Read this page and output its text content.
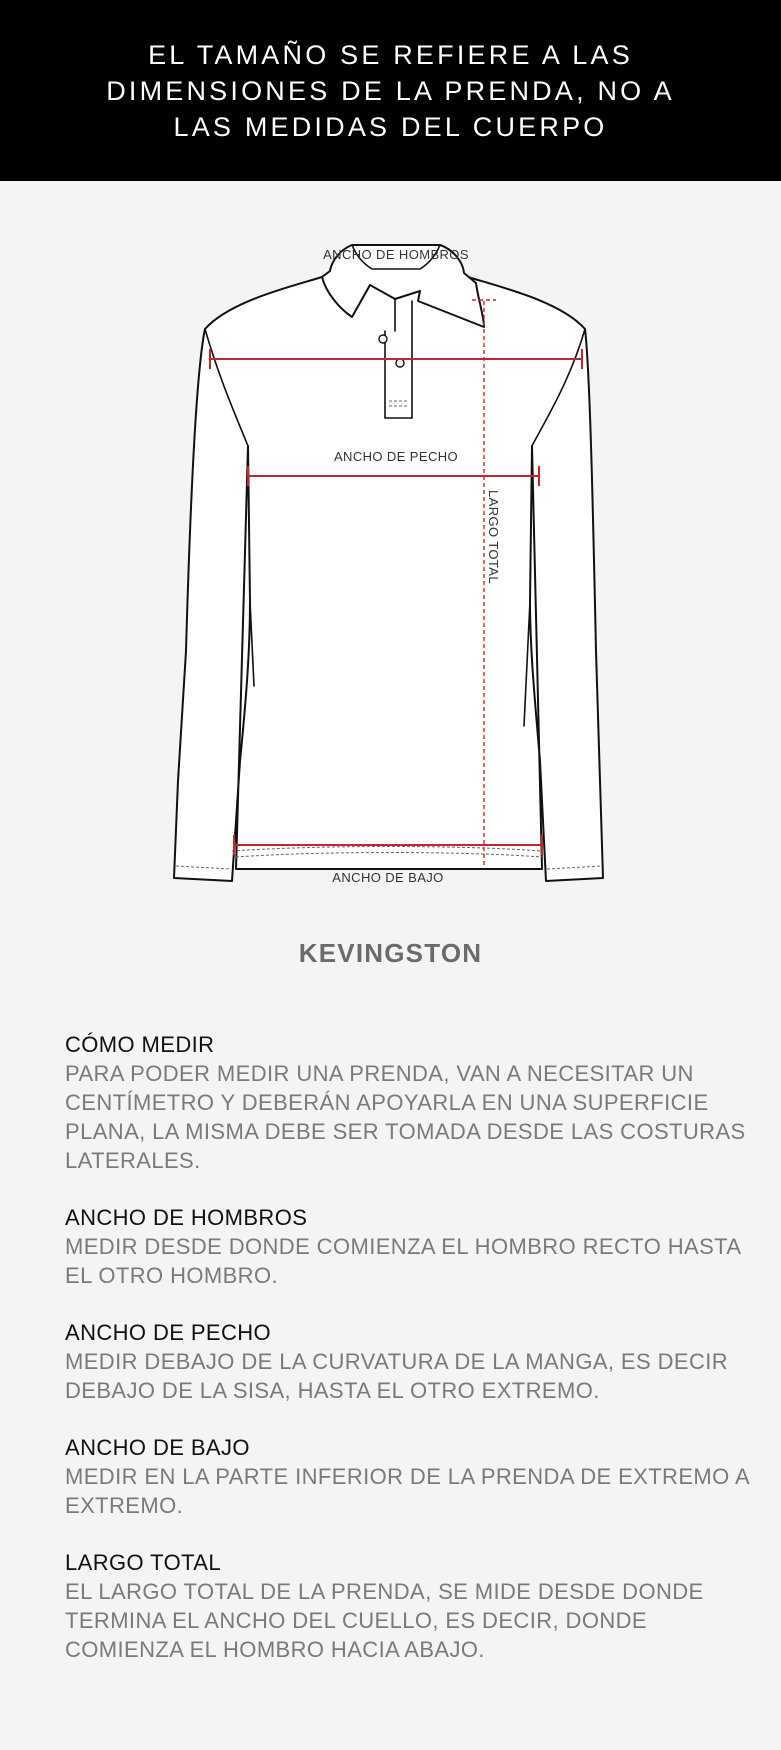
EL TAMAÑO SE REFIERE A LAS DIMENSIONES DE LA PRENDA, NO A LAS MEDIDAS DEL CUERPO
ANCHO DE HOMBROS
ANCHO DE PECHO
LARGO TOTAL
ANCHO DE BAJO
KEVINGSTON
CÓMO MEDIR

PARA PODER MEDIR UNA PRENDA, VAN A NECESITAR UN CENTÍMETRO Y DEBERÁN APOYARLA EN UNA SUPERFICIE PLANA, LA MISMA DEBE SER TOMADA DESDE LAS COSTURAS LATERALES.

ANCHO DE HOMBROS

MEDIR DESDE DONDE COMIENZA EL HOMBRO RECTO HASTA EL OTRO HOMBRO.

ANCHO DE PECHO

MEDIR DEBAJO DE LA CURVATURA DE LA MANGA, ES DECIR DEBAJO DE LA SISA, HASTA EL OTRO EXTREMO.

ANCHO DE BAJO

MEDIR EN LA PARTE INFERIOR DE LA PRENDA DE EXTREMO A EXTREMO.

LARGO TOTAL

EL LARGO TOTAL DE LA PRENDA, SE MIDE DESDE DONDE TERMINA EL ANCHO DEL CUELLO, ES DECIR, DONDE COMIENZA EL HOMBRO HACIA ABAJO.
